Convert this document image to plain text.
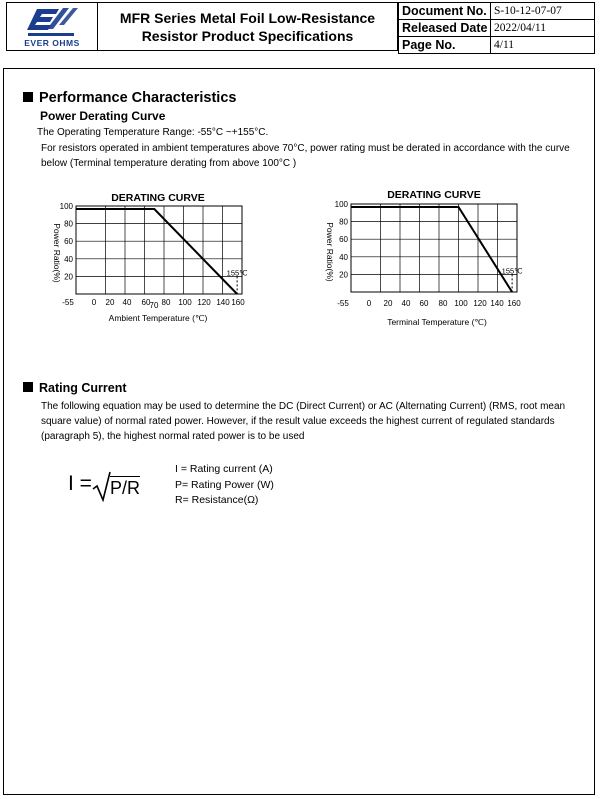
EVER OHMS
MFR Series Metal Foil Low-Resistance
Resistor Product Specifications
Document No.	S-10-12-07-07
Released Date	2022/04/11
Page No.	4/11
Performance Characteristics
Power Derating Curve
The Operating Temperature Range: -55°C ~+155°C.
For resistors operated in ambient temperatures above 70°C, power rating must be derated in accordance with the curve below (Terminal temperature derating from above 100°C )
DERATING CURVE
Power Ratio(%)
Ambient Temperature (℃)
20
40
60
80
100
-55 0 20 40 60 70 80 100 120 140 160
155℃
DERATING CURVE
Power Ratio(%)
Terminal Temperature (℃)
20
40
60
80
100
-55 0 20 40 60 80 100 120 140 160
155℃
Rating Current
The following equation may be used to determine the DC (Direct Current) or AC (Alternating Current) (RMS, root mean square value) of normal rated power. However, if the result value exceeds the highest current of regulated standards (paragraph 5), the highest normal rated power is to be used
I = P/R
I = Rating current (A)
P= Rating Power (W)
R= Resistance(Ω)
